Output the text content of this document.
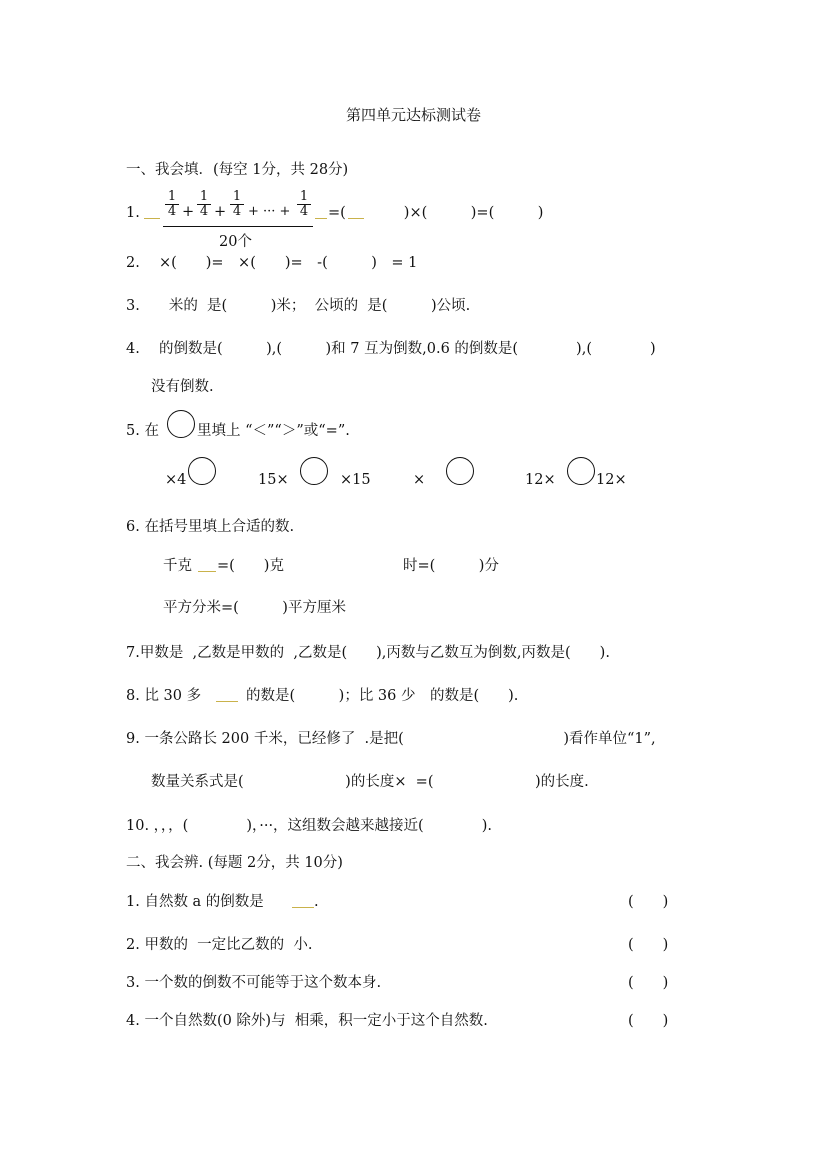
第四单元达标测试卷
一、我会填．(每空 1分，共 28分)
1. $\frac{1}{4} + \frac{1}{4} + \frac{1}{4}$ + ··· + $\frac{1}{4}$ =(　　　　)×(　　　)=(　　　)
20个
2.　 ×(　　)=　×(　　)=　-(　　　)　= 1
3.　　米的  是(　　　)米；  公顷的  是(　　　)公顷.
4.　 的倒数是(　　　),(　　　)和 7 互为倒数,0.6 的倒数是(　　　　),(　　　　)
没有倒数.
5. 在	里填上 “＜”“＞”或“=”.
×4	15×	×15	×	12×	12×
6. 在括号里填上合适的数.
千克 =(　　)克	时=(　　　)分
平方分米=(　　　)平方厘米
7.甲数是  ,乙数是甲数的  ,乙数是(　　),丙数与乙数互为倒数,丙数是(　　).
8. 比 30 多	的数是(　　　)；比 36 少　的数是(　　).
9. 一条公路长 200 千米，已经修了  .是把(　　　　　　　　　　　)看作单位“1”,
数量关系式是(　　　　　　　)的长度×  =(　　　　　　　)的长度.
10. ，，，(　　　　)，···，这组数会越来越接近(　　　　).
二、我会辨. (每题 2分，共 10分)
1. 自然数 a 的倒数是	.	(　　)
2. 甲数的  一定比乙数的  小.	(　　)
3. 一个数的倒数不可能等于这个数本身.	(　　)
4. 一个自然数(0 除外)与  相乘，积一定小于这个自然数.	(　　)
